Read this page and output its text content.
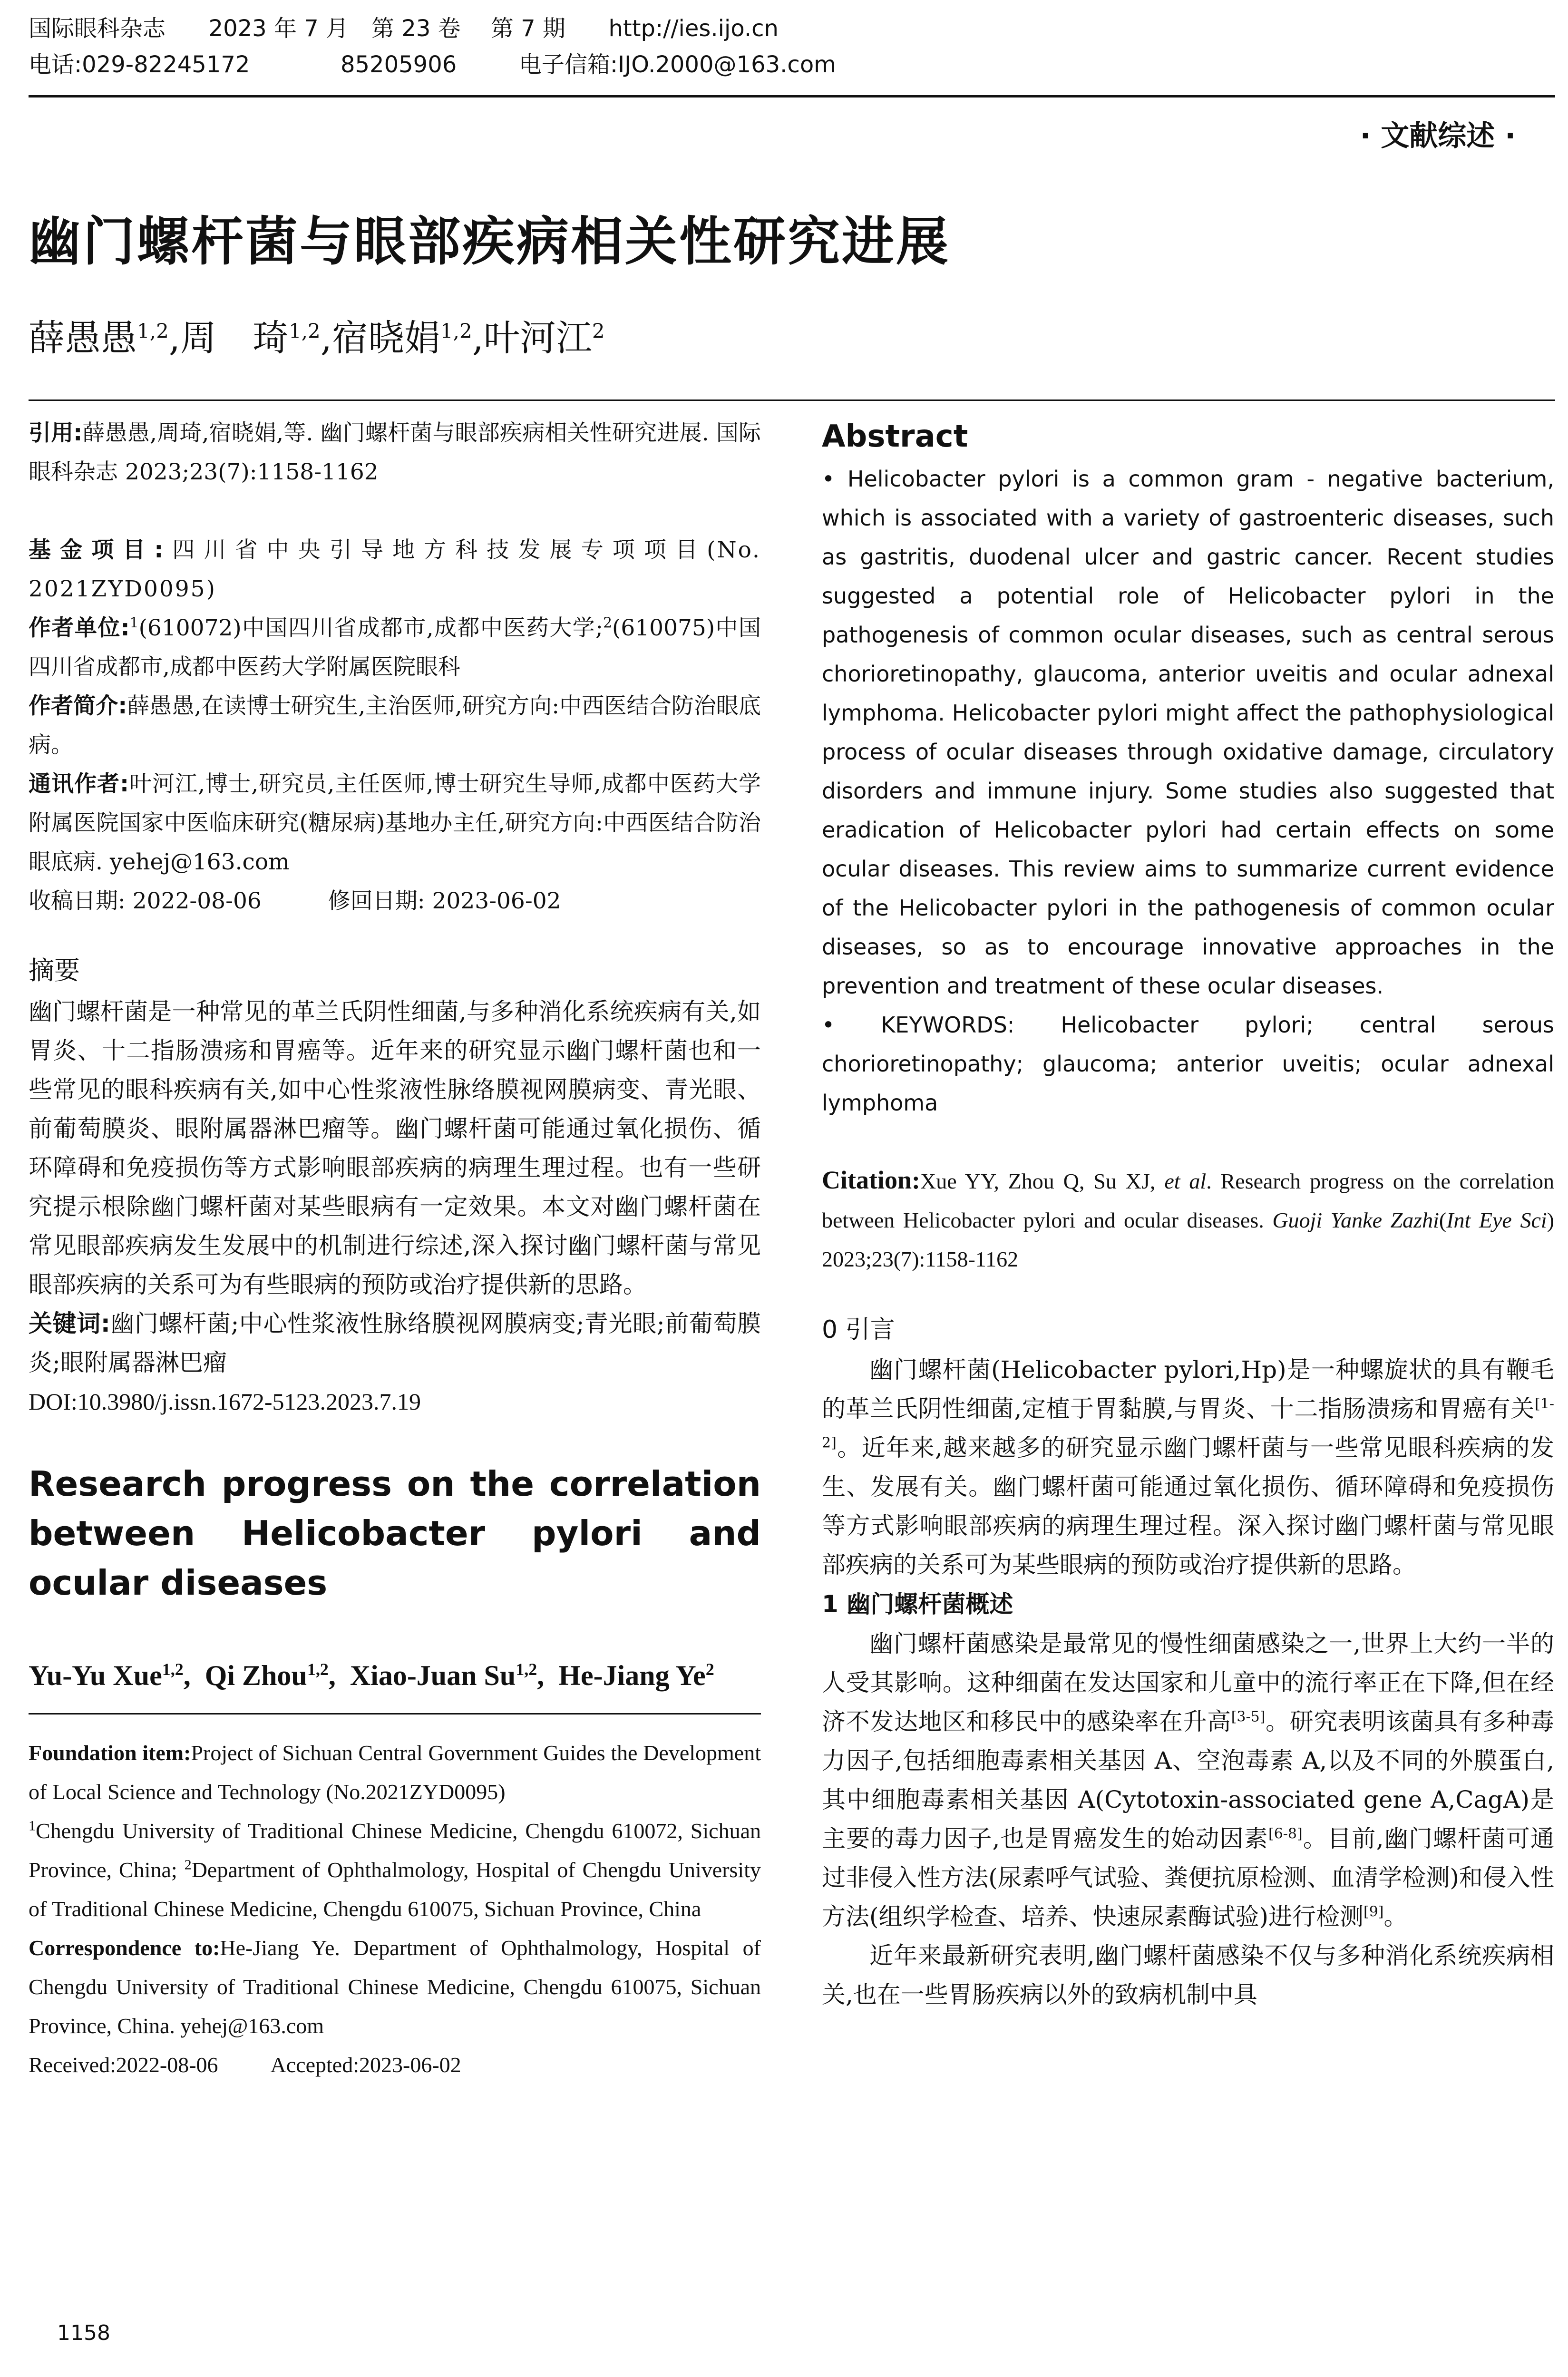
国际眼科杂志 2023 年 7 月　第 23 卷　 第 7 期 http://ies.ijo.cn
电话:029-82245172	85205906	电子信箱:IJO.2000@163.com
· 文献综述 ·
幽门螺杆菌与眼部疾病相关性研究进展
薛愚愚$^{1,2}$,周　琦$^{1,2}$,宿晓娟$^{1,2}$,叶河江$^2$

引用:薛愚愚,周琦,宿晓娟,等. 幽门螺杆菌与眼部疾病相关性研究进展. 国际眼科杂志 2023;23(7):1158-1162

基金项目:四川省中央引导地方科技发展专项项目(No. 2021ZYD0095)

作者单位:$^1$(610072)中国四川省成都市,成都中医药大学;$^2$(610075)中国四川省成都市,成都中医药大学附属医院眼科

作者简介:薛愚愚,在读博士研究生,主治医师,研究方向:中西医结合防治眼底病。

通讯作者:叶河江,博士,研究员,主任医师,博士研究生导师,成都中医药大学附属医院国家中医临床研究(糖尿病)基地办主任,研究方向:中西医结合防治眼底病. yehej@163.com

收稿日期: 2022-08-06	修回日期: 2023-06-02

摘要

幽门螺杆菌是一种常见的革兰氏阴性细菌,与多种消化系统疾病有关,如胃炎、十二指肠溃疡和胃癌等。近年来的研究显示幽门螺杆菌也和一些常见的眼科疾病有关,如中心性浆液性脉络膜视网膜病变、青光眼、前葡萄膜炎、眼附属器淋巴瘤等。幽门螺杆菌可能通过氧化损伤、循环障碍和免疫损伤等方式影响眼部疾病的病理生理过程。也有一些研究提示根除幽门螺杆菌对某些眼病有一定效果。本文对幽门螺杆菌在常见眼部疾病发生发展中的机制进行综述,深入探讨幽门螺杆菌与常见眼部疾病的关系可为有些眼病的预防或治疗提供新的思路。

关键词:幽门螺杆菌;中心性浆液性脉络膜视网膜病变;青光眼;前葡萄膜炎;眼附属器淋巴瘤

DOI:10.3980/j.issn.1672-5123.2023.7.19

Research progress on the correlation between Helicobacter pylori and ocular diseases

Yu-Yu Xue$^{1,2}$,  Qi Zhou$^{1,2}$,  Xiao-Juan Su$^{1,2}$,  He-Jiang Ye$^2$

Foundation item:Project of Sichuan Central Government Guides the Development of Local Science and Technology (No.2021ZYD0095)

$^1$Chengdu University of Traditional Chinese Medicine, Chengdu 610072, Sichuan Province, China; $^2$Department of Ophthalmology, Hospital of Chengdu University of Traditional Chinese Medicine, Chengdu 610075, Sichuan Province, China

Correspondence to:He-Jiang Ye. Department of Ophthalmology, Hospital of Chengdu University of Traditional Chinese Medicine, Chengdu 610075, Sichuan Province, China. yehej@163.com

Received:2022-08-06 Accepted:2023-06-02

Abstract

• Helicobacter pylori is a common gram - negative bacterium, which is associated with a variety of gastroenteric diseases, such as gastritis, duodenal ulcer and gastric cancer. Recent studies suggested a potential role of Helicobacter pylori in the pathogenesis of common ocular diseases, such as central serous chorioretinopathy, glaucoma, anterior uveitis and ocular adnexal lymphoma. Helicobacter pylori might affect the pathophysiological process of ocular diseases through oxidative damage, circulatory disorders and immune injury. Some studies also suggested that eradication of Helicobacter pylori had certain effects on some ocular diseases. This review aims to summarize current evidence of the Helicobacter pylori in the pathogenesis of common ocular diseases, so as to encourage innovative approaches in the prevention and treatment of these ocular diseases.

• KEYWORDS: Helicobacter pylori; central serous chorioretinopathy; glaucoma; anterior uveitis; ocular adnexal lymphoma

Citation:Xue YY, Zhou Q, Su XJ, et al. Research progress on the correlation between Helicobacter pylori and ocular diseases. Guoji Yanke Zazhi(Int Eye Sci) 2023;23(7):1158-1162

0 引言

幽门螺杆菌(Helicobacter pylori,Hp)是一种螺旋状的具有鞭毛的革兰氏阴性细菌,定植于胃黏膜,与胃炎、十二指肠溃疡和胃癌有关[1-2]。近年来,越来越多的研究显示幽门螺杆菌与一些常见眼科疾病的发生、发展有关。幽门螺杆菌可能通过氧化损伤、循环障碍和免疫损伤等方式影响眼部疾病的病理生理过程。深入探讨幽门螺杆菌与常见眼部疾病的关系可为某些眼病的预防或治疗提供新的思路。

1 幽门螺杆菌概述

幽门螺杆菌感染是最常见的慢性细菌感染之一,世界上大约一半的人受其影响。这种细菌在发达国家和儿童中的流行率正在下降,但在经济不发达地区和移民中的感染率在升高[3-5]。研究表明该菌具有多种毒力因子,包括细胞毒素相关基因 A、空泡毒素 A,以及不同的外膜蛋白,其中细胞毒素相关基因 A(Cytotoxin-associated gene A,CagA)是主要的毒力因子,也是胃癌发生的始动因素[6-8]。目前,幽门螺杆菌可通过非侵入性方法(尿素呼气试验、粪便抗原检测、血清学检测)和侵入性方法(组织学检查、培养、快速尿素酶试验)进行检测[9]。

近年来最新研究表明,幽门螺杆菌感染不仅与多种消化系统疾病相关,也在一些胃肠疾病以外的致病机制中具

1158
